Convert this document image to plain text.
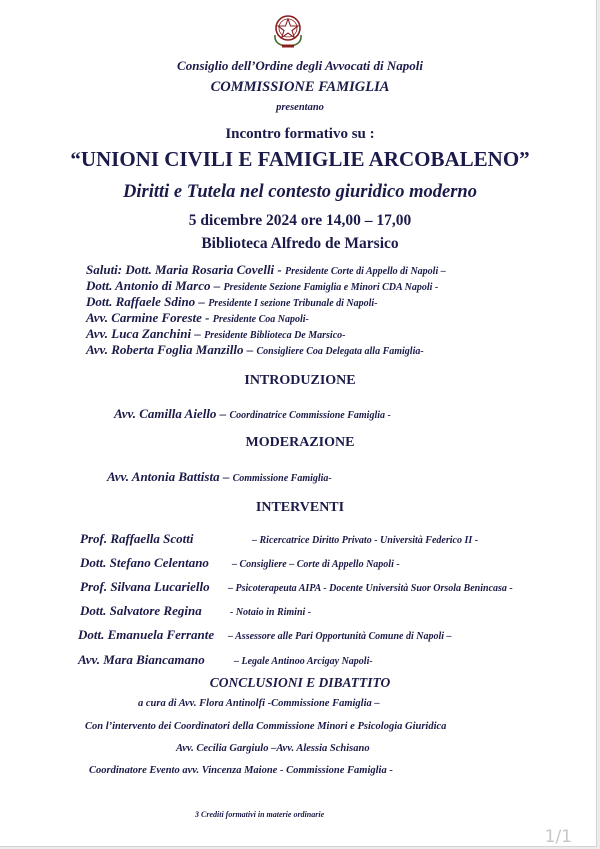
Consiglio dell’Ordine degli Avvocati di Napoli
COMMISSIONE FAMIGLIA
presentano
Incontro formativo su :
“UNIONI CIVILI E FAMIGLIE ARCOBALENO”
Diritti e Tutela nel contesto giuridico moderno
5 dicembre 2024 ore 14,00 – 17,00
Biblioteca Alfredo de Marsico
Saluti: Dott. Maria Rosaria Covelli - Presidente Corte di Appello di Napoli –
Dott. Antonio di Marco – Presidente Sezione Famiglia e Minori CDA Napoli -
Dott. Raffaele Sdino – Presidente I sezione Tribunale di Napoli-
Avv. Carmine Foreste - Presidente Coa Napoli-
Avv. Luca Zanchini – Presidente Biblioteca De Marsico-
Avv. Roberta Foglia Manzillo – Consigliere Coa Delegata alla Famiglia-
INTRODUZIONE
Avv. Camilla Aiello – Coordinatrice Commissione Famiglia -
MODERAZIONE
Avv. Antonia Battista – Commissione Famiglia-
INTERVENTI
Prof. Raffaella Scotti	– Ricercatrice Diritto Privato - Università Federico II -
Dott. Stefano Celentano – Consigliere – Corte di Appello Napoli -
Prof. Silvana Lucariello – Psicoterapeuta AIPA - Docente Università Suor Orsola Benincasa -
Dott. Salvatore Regina	- Notaio in Rimini -
Dott. Emanuela Ferrante – Assessore alle Pari Opportunità Comune di Napoli –
Avv. Mara Biancamano	– Legale Antinoo Arcigay Napoli-
CONCLUSIONI E DIBATTITO
a cura di Avv. Flora Antinolfi -Commissione Famiglia –
Con l’intervento dei Coordinatori della Commissione Minori e Psicologia Giuridica
Avv. Cecilia Gargiulo –Avv. Alessia Schisano
Coordinatore Evento avv. Vincenza Maione - Commissione Famiglia -
3 Crediti formativi in materie ordinarie
1/1
